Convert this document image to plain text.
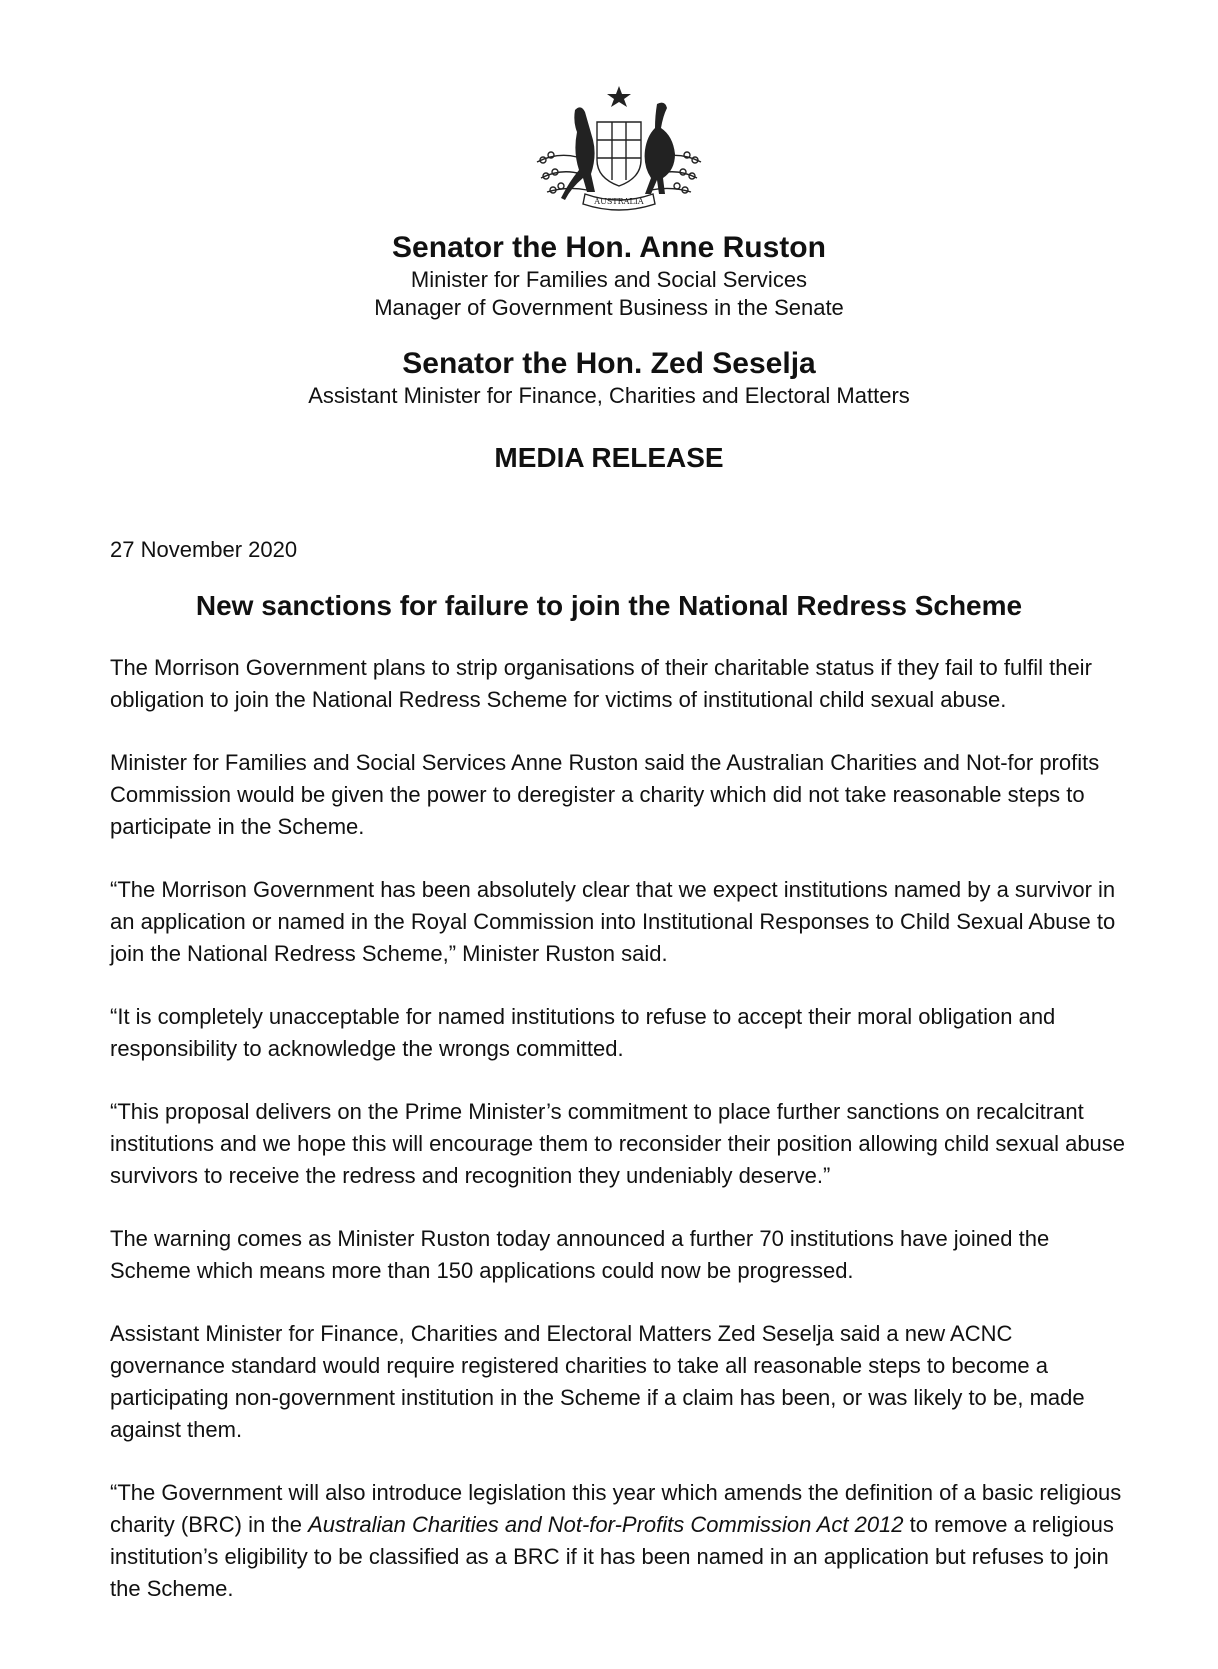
AUSTRALIA
Senator the Hon. Anne Ruston
Minister for Families and Social Services
Manager of Government Business in the Senate
Senator the Hon. Zed Seselja
Assistant Minister for Finance, Charities and Electoral Matters
MEDIA RELEASE
27 November 2020
New sanctions for failure to join the National Redress Scheme

The Morrison Government plans to strip organisations of their charitable status if they fail to fulfil their obligation to join the National Redress Scheme for victims of institutional child sexual abuse.

Minister for Families and Social Services Anne Ruston said the Australian Charities and Not-for profits Commission would be given the power to deregister a charity which did not take reasonable steps to participate in the Scheme.

“The Morrison Government has been absolutely clear that we expect institutions named by a survivor in an application or named in the Royal Commission into Institutional Responses to Child Sexual Abuse to join the National Redress Scheme,” Minister Ruston said.

“It is completely unacceptable for named institutions to refuse to accept their moral obligation and responsibility to acknowledge the wrongs committed.

“This proposal delivers on the Prime Minister’s commitment to place further sanctions on recalcitrant institutions and we hope this will encourage them to reconsider their position allowing child sexual abuse survivors to receive the redress and recognition they undeniably deserve.”

The warning comes as Minister Ruston today announced a further 70 institutions have joined the Scheme which means more than 150 applications could now be progressed.

Assistant Minister for Finance, Charities and Electoral Matters Zed Seselja said a new ACNC governance standard would require registered charities to take all reasonable steps to become a participating non-government institution in the Scheme if a claim has been, or was likely to be, made against them.

“The Government will also introduce legislation this year which amends the definition of a basic religious charity (BRC) in the Australian Charities and Not-for-Profits Commission Act 2012 to remove a religious institution’s eligibility to be classified as a BRC if it has been named in an application but refuses to join the Scheme.
